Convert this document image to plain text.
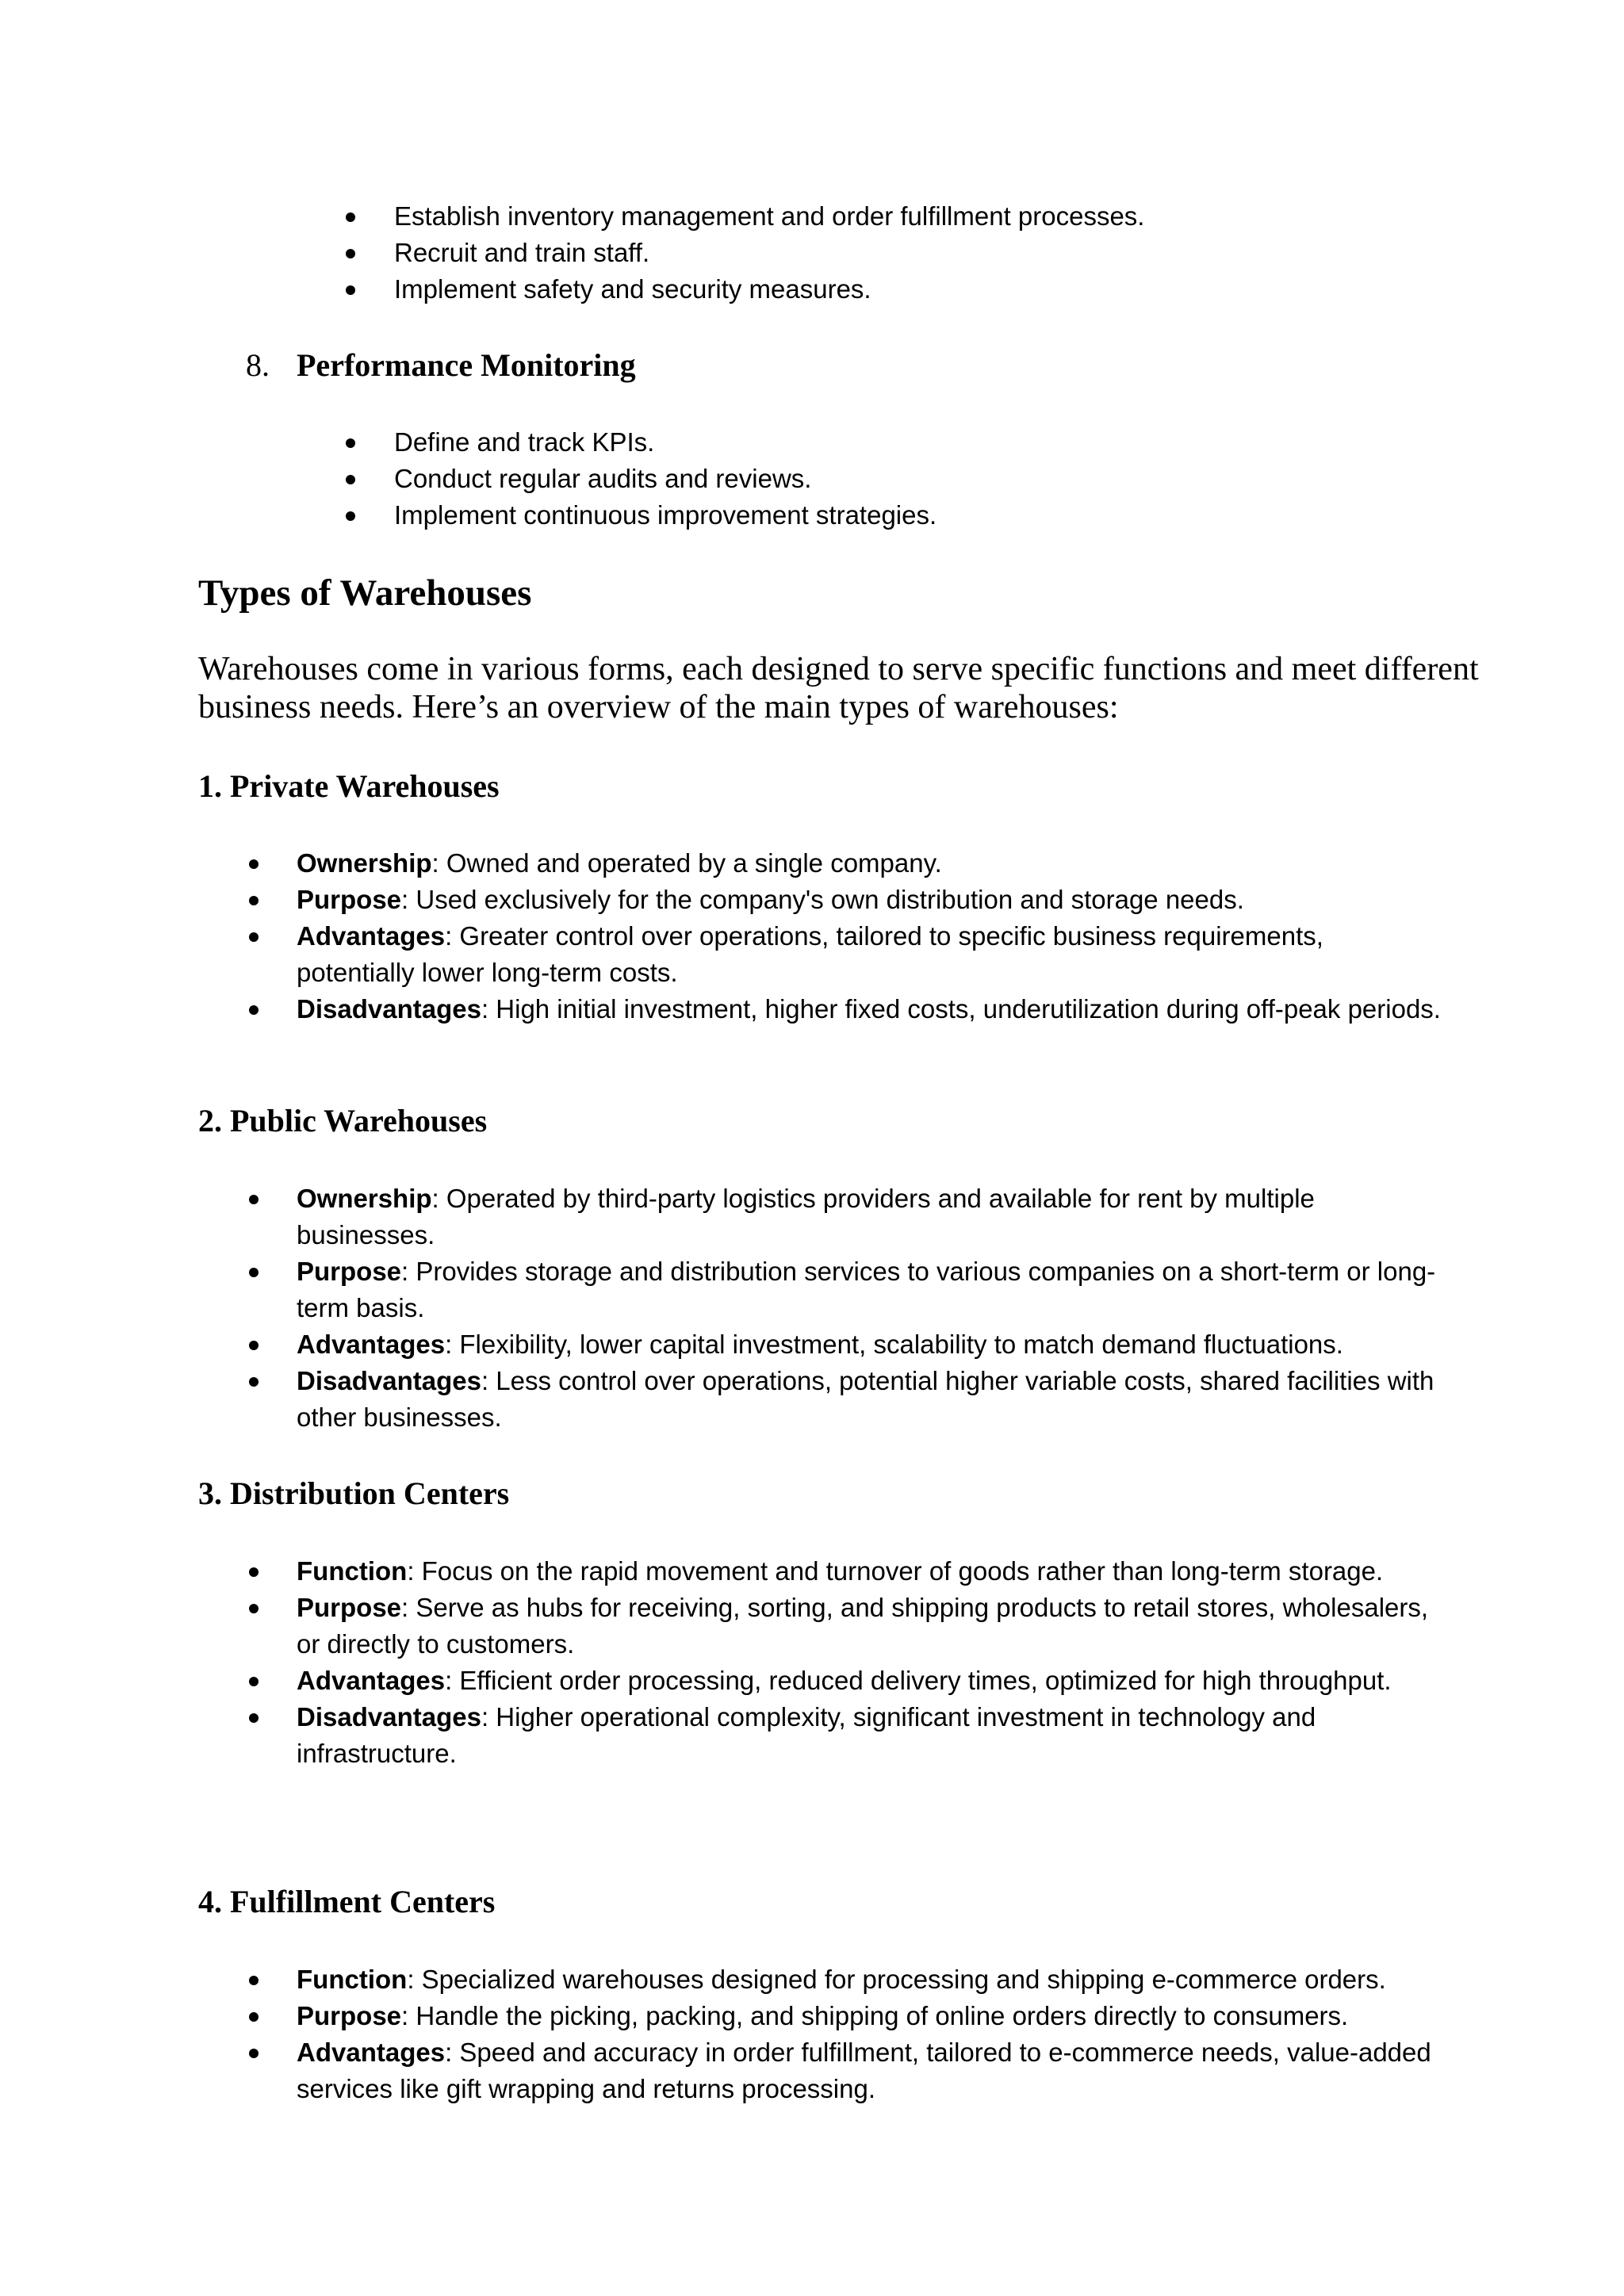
Establish inventory management and order fulfillment processes.
Recruit and train staff.
Implement safety and security measures.
8. Performance Monitoring
Define and track KPIs.
Conduct regular audits and reviews.
Implement continuous improvement strategies.
Types of Warehouses
Warehouses come in various forms, each designed to serve specific functions and meet different business needs. Here’s an overview of the main types of warehouses:
1. Private Warehouses
Ownership: Owned and operated by a single company.
Purpose: Used exclusively for the company's own distribution and storage needs.
Advantages: Greater control over operations, tailored to specific business requirements, potentially lower long-term costs.
Disadvantages: High initial investment, higher fixed costs, underutilization during off-peak periods.
2. Public Warehouses
Ownership: Operated by third-party logistics providers and available for rent by multiple businesses.
Purpose: Provides storage and distribution services to various companies on a short-term or long-term basis.
Advantages: Flexibility, lower capital investment, scalability to match demand fluctuations.
Disadvantages: Less control over operations, potential higher variable costs, shared facilities with other businesses.
3. Distribution Centers
Function: Focus on the rapid movement and turnover of goods rather than long-term storage.
Purpose: Serve as hubs for receiving, sorting, and shipping products to retail stores, wholesalers, or directly to customers.
Advantages: Efficient order processing, reduced delivery times, optimized for high throughput.
Disadvantages: Higher operational complexity, significant investment in technology and infrastructure.
4. Fulfillment Centers
Function: Specialized warehouses designed for processing and shipping e-commerce orders.
Purpose: Handle the picking, packing, and shipping of online orders directly to consumers.
Advantages: Speed and accuracy in order fulfillment, tailored to e-commerce needs, value-added services like gift wrapping and returns processing.
